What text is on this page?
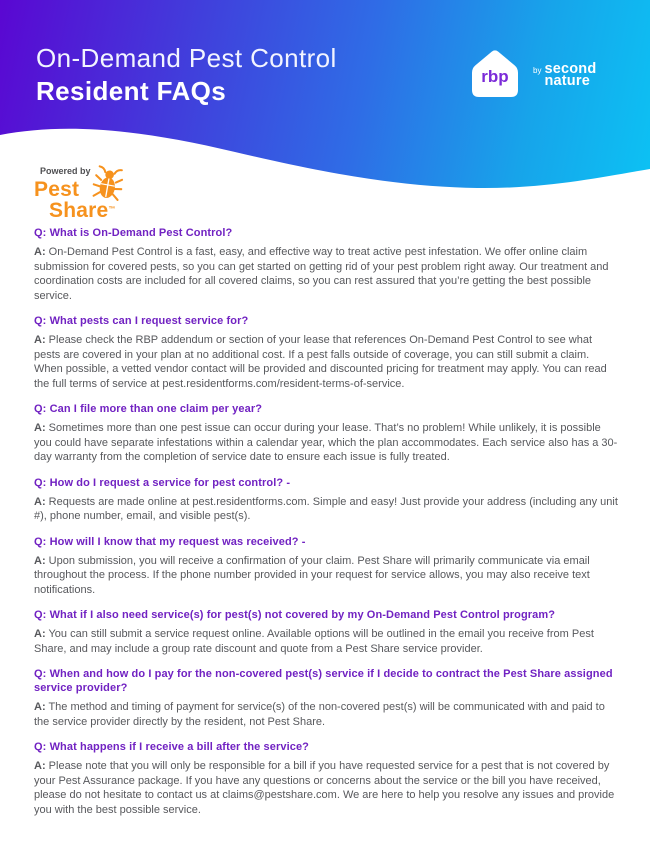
On-Demand Pest Control
Resident FAQs	rbp	by second
nature
Powered by
Pest
Share™
Q: What is On-Demand Pest Control?

A: On-Demand Pest Control is a fast, easy, and effective way to treat active pest infestation. We offer online claim submission for covered pests, so you can get started on getting rid of your pest problem right away. Our treatment and coordination costs are included for all covered claims, so you can rest assured that you’re getting the best possible service.

Q: What pests can I request service for?

A: Please check the RBP addendum or section of your lease that references On-Demand Pest Control to see what pests are covered in your plan at no additional cost. If a pest falls outside of coverage, you can still submit a claim. When possible, a vetted vendor contact will be provided and discounted pricing for treatment may apply. You can read the full terms of service at pest.residentforms.com/resident-terms-of-service.

Q: Can I file more than one claim per year?

A: Sometimes more than one pest issue can occur during your lease. That’s no problem! While unlikely, it is possible you could have separate infestations within a calendar year, which the plan accommodates. Each service also has a 30-day warranty from the completion of service date to ensure each issue is fully treated.

Q: How do I request a service for pest control? -

A: Requests are made online at pest.residentforms.com. Simple and easy! Just provide your address (including any unit #), phone number, email, and visible pest(s).

Q: How will I know that my request was received? -

A: Upon submission, you will receive a confirmation of your claim. Pest Share will primarily communicate via email throughout the process. If the phone number provided in your request for service allows, you may also receive text notifications.

Q: What if I also need service(s) for pest(s) not covered by my On-Demand Pest Control program?

A: You can still submit a service request online. Available options will be outlined in the email you receive from Pest Share, and may include a group rate discount and quote from a Pest Share service provider.

Q: When and how do I pay for the non-covered pest(s) service if I decide to contract the Pest Share assigned service provider?

A: The method and timing of payment for service(s) of the non-covered pest(s) will be communicated with and paid to the service provider directly by the resident, not Pest Share.

Q: What happens if I receive a bill after the service?

A: Please note that you will only be responsible for a bill if you have requested service for a pest that is not covered by your Pest Assurance package. If you have any questions or concerns about the service or the bill you have received, please do not hesitate to contact us at claims@pestshare.com. We are here to help you resolve any issues and provide you with the best possible service.
